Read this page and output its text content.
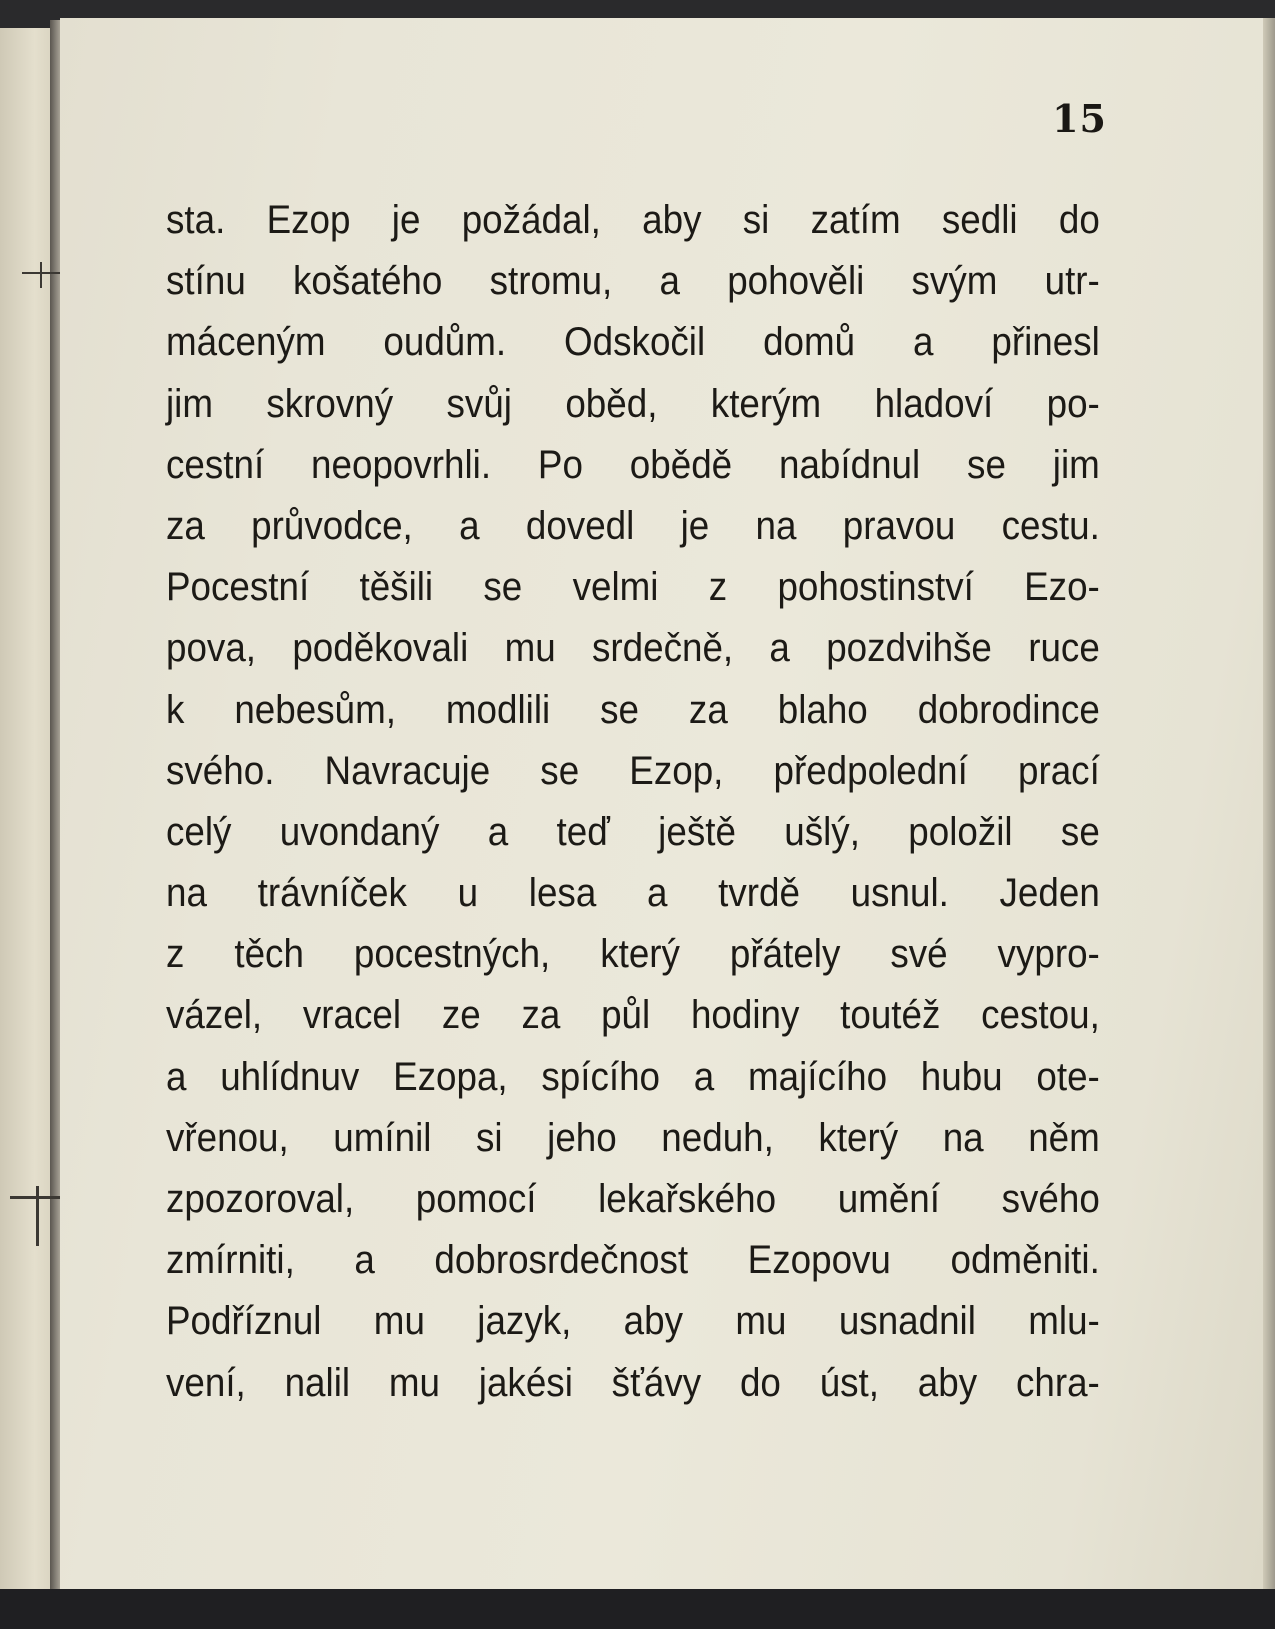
15
sta. Ezop je požádal, aby si zatím sedli do
stínu košatého stromu, a pohověli svým utr-
máceným oudům. Odskočil domů a přinesl
jim skrovný svůj oběd, kterým hladoví po-
cestní neopovrhli. Po obědě nabídnul se jim
za průvodce, a dovedl je na pravou cestu.
Pocestní těšili se velmi z pohostinství Ezo-
pova, poděkovali mu srdečně, a pozdvihše ruce
k nebesům, modlili se za blaho dobrodince
svého. Navracuje se Ezop, předpolední prací
celý uvondaný a teď ještě ušlý, položil se
na trávníček u lesa a tvrdě usnul. Jeden
z těch pocestných, který přátely své vypro-
vázel, vracel ze za půl hodiny toutéž cestou,
a uhlídnuv Ezopa, spícího a majícího hubu ote-
vřenou, umínil si jeho neduh, který na něm
zpozoroval, pomocí lekařského umění svého
zmírniti, a dobrosrdečnost Ezopovu odměniti.
Podříznul mu jazyk, aby mu usnadnil mlu-
vení, nalil mu jakési šťávy do úst, aby chra-
